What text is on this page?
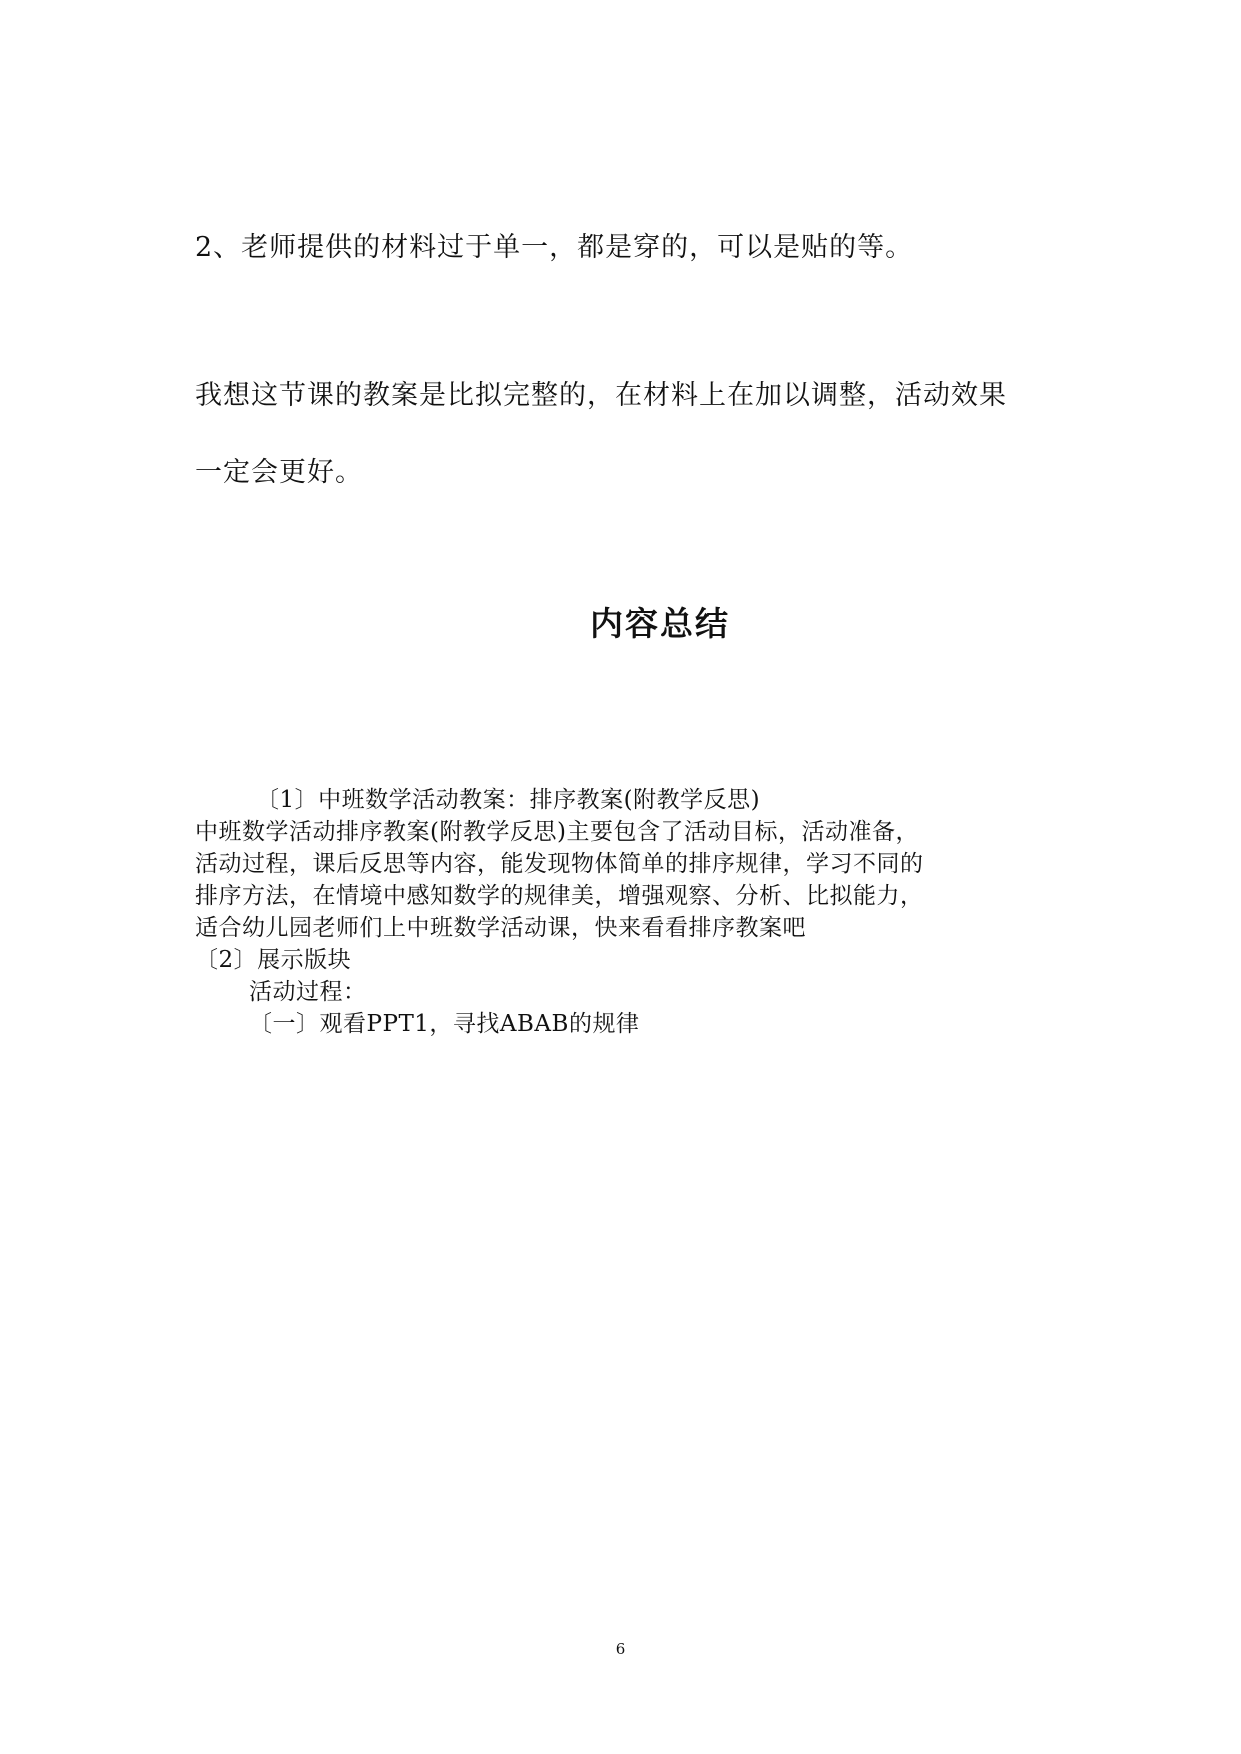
2、老师提供的材料过于单一，都是穿的，可以是贴的等。
我想这节课的教案是比拟完整的，在材料上在加以调整，活动效果
一定会更好。
内容总结
〔1〕中班数学活动教案：排序教案(附教学反思)
中班数学活动排序教案(附教学反思)主要包含了活动目标，活动准备，
活动过程，课后反思等内容，能发现物体简单的排序规律，学习不同的
排序方法，在情境中感知数学的规律美，增强观察、分析、比拟能力，
适合幼儿园老师们上中班数学活动课，快来看看排序教案吧
〔2〕展示版块
活动过程：
〔一〕观看PPT1，寻找ABAB的规律
6
